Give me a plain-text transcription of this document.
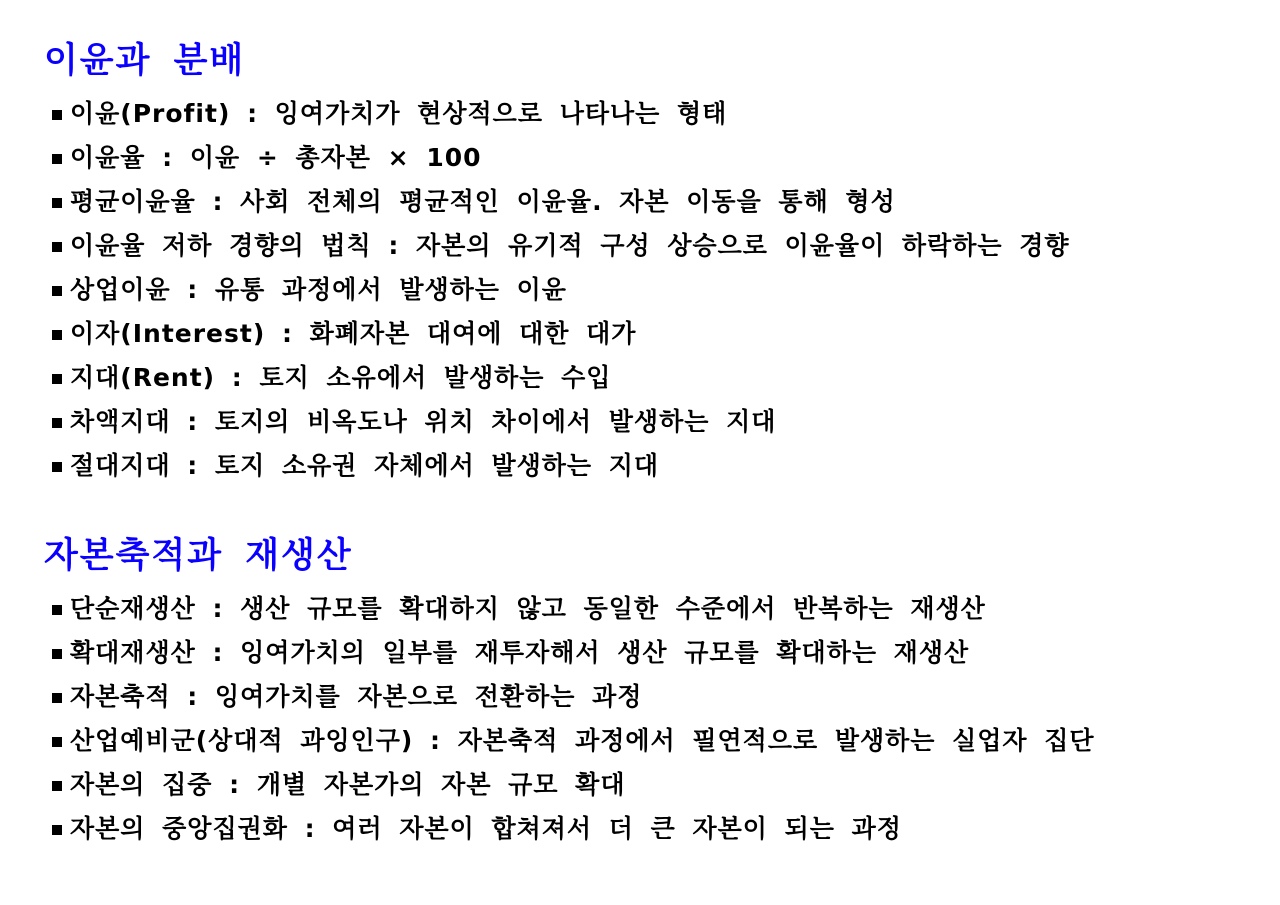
이윤과 분배
이윤(Profit) : 잉여가치가 현상적으로 나타나는 형태
이윤율 : 이윤 ÷ 총자본 × 100
평균이윤율 : 사회 전체의 평균적인 이윤율. 자본 이동을 통해 형성
이윤율 저하 경향의 법칙 : 자본의 유기적 구성 상승으로 이윤율이 하락하는 경향
상업이윤 : 유통 과정에서 발생하는 이윤
이자(Interest) : 화폐자본 대여에 대한 대가
지대(Rent) : 토지 소유에서 발생하는 수입
차액지대 : 토지의 비옥도나 위치 차이에서 발생하는 지대
절대지대 : 토지 소유권 자체에서 발생하는 지대
자본축적과 재생산
단순재생산 : 생산 규모를 확대하지 않고 동일한 수준에서 반복하는 재생산
확대재생산 : 잉여가치의 일부를 재투자해서 생산 규모를 확대하는 재생산
자본축적 : 잉여가치를 자본으로 전환하는 과정
산업예비군(상대적 과잉인구) : 자본축적 과정에서 필연적으로 발생하는 실업자 집단
자본의 집중 : 개별 자본가의 자본 규모 확대
자본의 중앙집권화 : 여러 자본이 합쳐져서 더 큰 자본이 되는 과정
